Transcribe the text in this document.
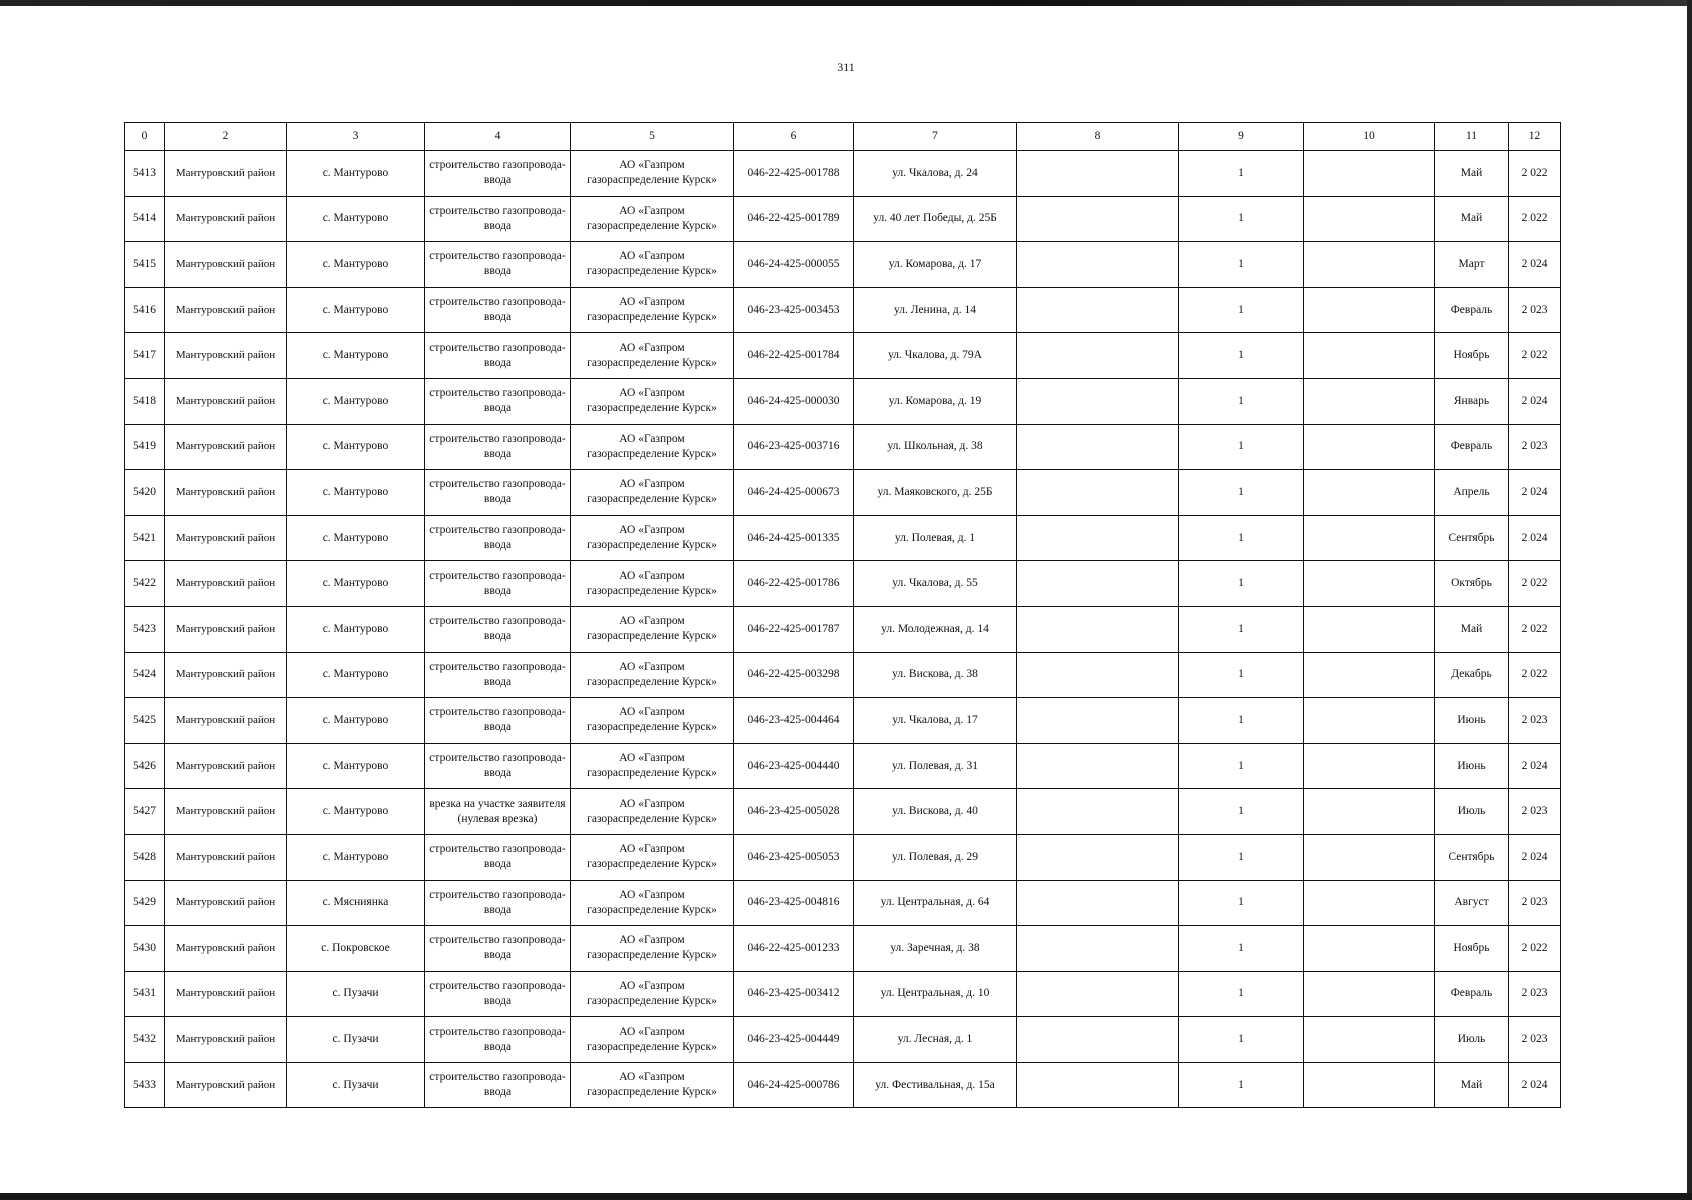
311
0	2	3	4	5	6	7	8	9	10	11	12
5413	Мантуровский район	с. Мантурово	строительство газопровода-ввода	АО «Газпром газораспределение Курск»	046-22-425-001788	ул. Чкалова, д. 24		1		Май	2 022
5414	Мантуровский район	с. Мантурово	строительство газопровода-ввода	АО «Газпром газораспределение Курск»	046-22-425-001789	ул. 40 лет Победы, д. 25Б		1		Май	2 022
5415	Мантуровский район	с. Мантурово	строительство газопровода-ввода	АО «Газпром газораспределение Курск»	046-24-425-000055	ул. Комарова, д. 17		1		Март	2 024
5416	Мантуровский район	с. Мантурово	строительство газопровода-ввода	АО «Газпром газораспределение Курск»	046-23-425-003453	ул. Ленина, д. 14		1		Февраль	2 023
5417	Мантуровский район	с. Мантурово	строительство газопровода-ввода	АО «Газпром газораспределение Курск»	046-22-425-001784	ул. Чкалова, д. 79А		1		Ноябрь	2 022
5418	Мантуровский район	с. Мантурово	строительство газопровода-ввода	АО «Газпром газораспределение Курск»	046-24-425-000030	ул. Комарова, д. 19		1		Январь	2 024
5419	Мантуровский район	с. Мантурово	строительство газопровода-ввода	АО «Газпром газораспределение Курск»	046-23-425-003716	ул. Школьная, д. 38		1		Февраль	2 023
5420	Мантуровский район	с. Мантурово	строительство газопровода-ввода	АО «Газпром газораспределение Курск»	046-24-425-000673	ул. Маяковского, д. 25Б		1		Апрель	2 024
5421	Мантуровский район	с. Мантурово	строительство газопровода-ввода	АО «Газпром газораспределение Курск»	046-24-425-001335	ул. Полевая, д. 1		1		Сентябрь	2 024
5422	Мантуровский район	с. Мантурово	строительство газопровода-ввода	АО «Газпром газораспределение Курск»	046-22-425-001786	ул. Чкалова, д. 55		1		Октябрь	2 022
5423	Мантуровский район	с. Мантурово	строительство газопровода-ввода	АО «Газпром газораспределение Курск»	046-22-425-001787	ул. Молодежная, д. 14		1		Май	2 022
5424	Мантуровский район	с. Мантурово	строительство газопровода-ввода	АО «Газпром газораспределение Курск»	046-22-425-003298	ул. Вискова, д. 38		1		Декабрь	2 022
5425	Мантуровский район	с. Мантурово	строительство газопровода-ввода	АО «Газпром газораспределение Курск»	046-23-425-004464	ул. Чкалова, д. 17		1		Июнь	2 023
5426	Мантуровский район	с. Мантурово	строительство газопровода-ввода	АО «Газпром газораспределение Курск»	046-23-425-004440	ул. Полевая, д. 31		1		Июнь	2 024
5427	Мантуровский район	с. Мантурово	врезка на участке заявителя (нулевая врезка)	АО «Газпром газораспределение Курск»	046-23-425-005028	ул. Вискова, д. 40		1		Июль	2 023
5428	Мантуровский район	с. Мантурово	строительство газопровода-ввода	АО «Газпром газораспределение Курск»	046-23-425-005053	ул. Полевая, д. 29		1		Сентябрь	2 024
5429	Мантуровский район	с. Мясниянка	строительство газопровода-ввода	АО «Газпром газораспределение Курск»	046-23-425-004816	ул. Центральная, д. 64		1		Август	2 023
5430	Мантуровский район	с. Покровское	строительство газопровода-ввода	АО «Газпром газораспределение Курск»	046-22-425-001233	ул. Заречная, д. 38		1		Ноябрь	2 022
5431	Мантуровский район	с. Пузачи	строительство газопровода-ввода	АО «Газпром газораспределение Курск»	046-23-425-003412	ул. Центральная, д. 10		1		Февраль	2 023
5432	Мантуровский район	с. Пузачи	строительство газопровода-ввода	АО «Газпром газораспределение Курск»	046-23-425-004449	ул. Лесная, д. 1		1		Июль	2 023
5433	Мантуровский район	с. Пузачи	строительство газопровода-ввода	АО «Газпром газораспределение Курск»	046-24-425-000786	ул. Фестивальная, д. 15а		1		Май	2 024
